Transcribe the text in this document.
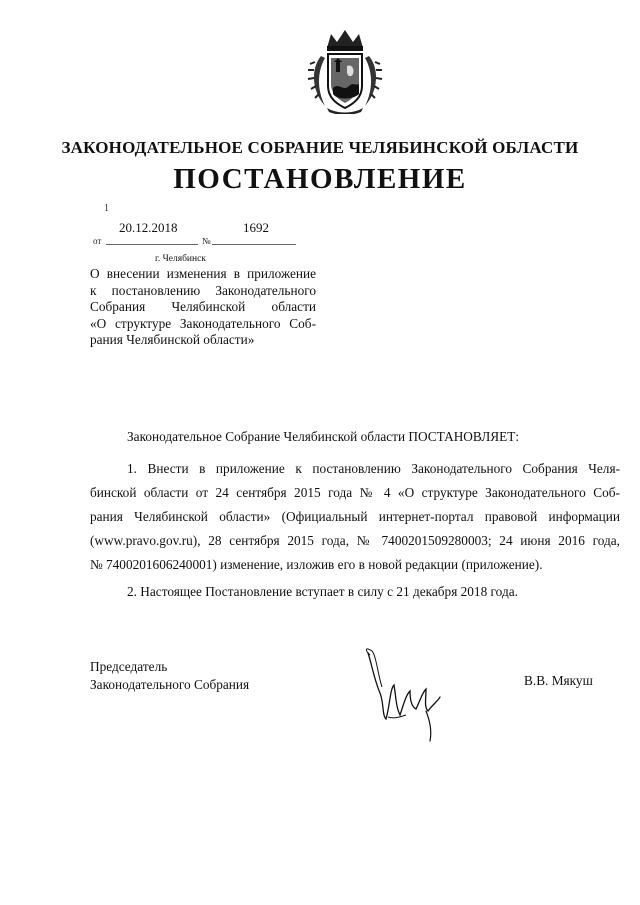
ЗАКОНОДАТЕЛЬНОЕ СОБРАНИЕ ЧЕЛЯБИНСКОЙ ОБЛАСТИ
ПОСТАНОВЛЕНИЕ
1
от
20.12.2018
№
1692
г. Челябинск
О внесении изменения в приложение
к постановлению Законодательного
Собрания Челябинской области
«О структуре Законодательного Соб-
рания Челябинской области»
Законодательное Собрание Челябинской области ПОСТАНОВЛЯЕТ:
1. Внести в приложение к постановлению Законодательного Собрания Челя-
бинской области от 24 сентября 2015 года № 4 «О структуре Законодательного Соб-
рания Челябинской области» (Официальный интернет-портал правовой информации
(www.pravo.gov.ru), 28 сентября 2015 года, № 7400201509280003; 24 июня 2016 года,
№ 7400201606240001) изменение, изложив его в новой редакции (приложение).
2. Настоящее Постановление вступает в силу с 21 декабря 2018 года.
Председатель
Законодательного Собрания	В.В. Мякуш
